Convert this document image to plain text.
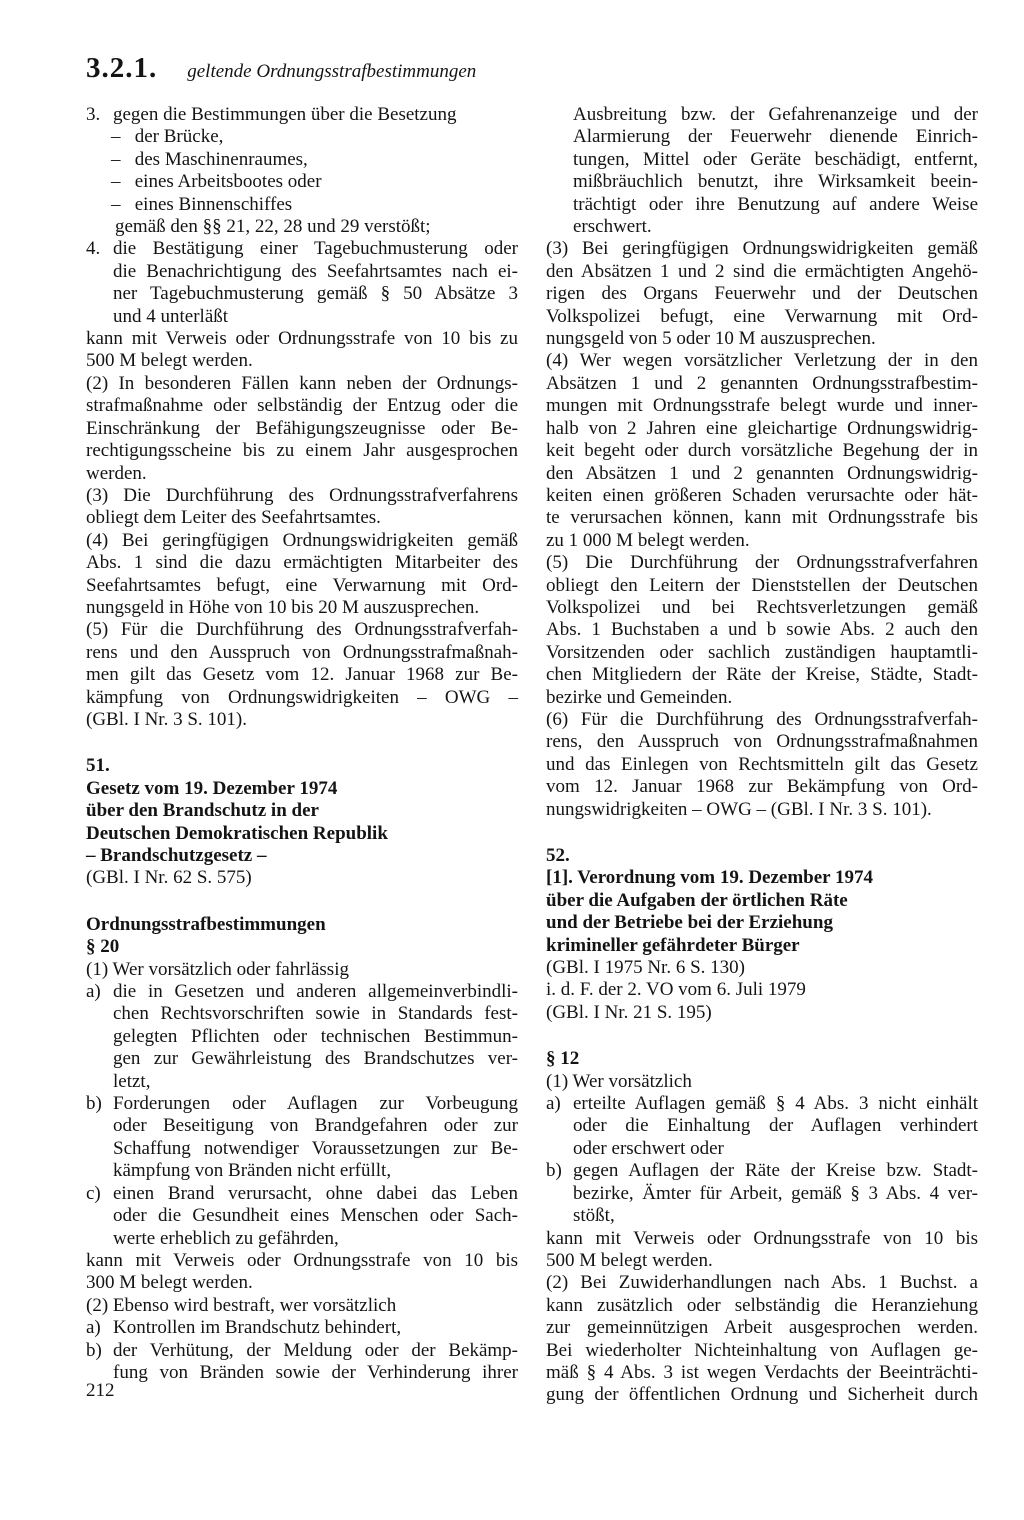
3.2.1. geltende Ordnungsstrafbestimmungen
3. gegen die Bestimmungen über die Besetzung
– der Brücke,
– des Maschinenraumes,
– eines Arbeitsbootes oder
– eines Binnenschiffes
gemäß den §§ 21, 22, 28 und 29 verstößt;
4. die Bestätigung einer Tagebuchmusterung oder
die Benachrichtigung des Seefahrtsamtes nach ei-
ner Tagebuchmusterung gemäß § 50 Absätze 3
und 4 unterläßt
kann mit Verweis oder Ordnungsstrafe von 10 bis zu
500 M belegt werden.
(2) In besonderen Fällen kann neben der Ordnungs-
strafmaßnahme oder selbständig der Entzug oder die
Einschränkung der Befähigungszeugnisse oder Be-
rechtigungsscheine bis zu einem Jahr ausgesprochen
werden.
(3) Die Durchführung des Ordnungsstrafverfahrens
obliegt dem Leiter des Seefahrtsamtes.
(4) Bei geringfügigen Ordnungswidrigkeiten gemäß
Abs. 1 sind die dazu ermächtigten Mitarbeiter des
Seefahrtsamtes befugt, eine Verwarnung mit Ord-
nungsgeld in Höhe von 10 bis 20 M auszusprechen.
(5) Für die Durchführung des Ordnungsstrafverfah-
rens und den Ausspruch von Ordnungsstrafmaßnah-
men gilt das Gesetz vom 12. Januar 1968 zur Be-
kämpfung von Ordnungswidrigkeiten – OWG –
(GBl. I Nr. 3 S. 101).
51.
Gesetz vom 19. Dezember 1974
über den Brandschutz in der
Deutschen Demokratischen Republik
– Brandschutzgesetz –
(GBl. I Nr. 62 S. 575)
Ordnungsstrafbestimmungen
§ 20
(1) Wer vorsätzlich oder fahrlässig
a) die in Gesetzen und anderen allgemeinverbindli-
chen Rechtsvorschriften sowie in Standards fest-
gelegten Pflichten oder technischen Bestimmun-
gen zur Gewährleistung des Brandschutzes ver-
letzt,
b) Forderungen oder Auflagen zur Vorbeugung
oder Beseitigung von Brandgefahren oder zur
Schaffung notwendiger Voraussetzungen zur Be-
kämpfung von Bränden nicht erfüllt,
c) einen Brand verursacht, ohne dabei das Leben
oder die Gesundheit eines Menschen oder Sach-
werte erheblich zu gefährden,
kann mit Verweis oder Ordnungsstrafe von 10 bis
300 M belegt werden.
(2) Ebenso wird bestraft, wer vorsätzlich
a) Kontrollen im Brandschutz behindert,
b) der Verhütung, der Meldung oder der Bekämp-
fung von Bränden sowie der Verhinderung ihrer
Ausbreitung bzw. der Gefahrenanzeige und der
Alarmierung der Feuerwehr dienende Einrich-
tungen, Mittel oder Geräte beschädigt, entfernt,
mißbräuchlich benutzt, ihre Wirksamkeit beein-
trächtigt oder ihre Benutzung auf andere Weise
erschwert.
(3) Bei geringfügigen Ordnungswidrigkeiten gemäß
den Absätzen 1 und 2 sind die ermächtigten Angehö-
rigen des Organs Feuerwehr und der Deutschen
Volkspolizei befugt, eine Verwarnung mit Ord-
nungsgeld von 5 oder 10 M auszusprechen.
(4) Wer wegen vorsätzlicher Verletzung der in den
Absätzen 1 und 2 genannten Ordnungsstrafbestim-
mungen mit Ordnungsstrafe belegt wurde und inner-
halb von 2 Jahren eine gleichartige Ordnungswidrig-
keit begeht oder durch vorsätzliche Begehung der in
den Absätzen 1 und 2 genannten Ordnungswidrig-
keiten einen größeren Schaden verursachte oder hät-
te verursachen können, kann mit Ordnungsstrafe bis
zu 1 000 M belegt werden.
(5) Die Durchführung der Ordnungsstrafverfahren
obliegt den Leitern der Dienststellen der Deutschen
Volkspolizei und bei Rechtsverletzungen gemäß
Abs. 1 Buchstaben a und b sowie Abs. 2 auch den
Vorsitzenden oder sachlich zuständigen hauptamtli-
chen Mitgliedern der Räte der Kreise, Städte, Stadt-
bezirke und Gemeinden.
(6) Für die Durchführung des Ordnungsstrafverfah-
rens, den Ausspruch von Ordnungsstrafmaßnahmen
und das Einlegen von Rechtsmitteln gilt das Gesetz
vom 12. Januar 1968 zur Bekämpfung von Ord-
nungswidrigkeiten – OWG – (GBl. I Nr. 3 S. 101).
52.
[1]. Verordnung vom 19. Dezember 1974
über die Aufgaben der örtlichen Räte
und der Betriebe bei der Erziehung
krimineller gefährdeter Bürger
(GBl. I 1975 Nr. 6 S. 130)
i. d. F. der 2. VO vom 6. Juli 1979
(GBl. I Nr. 21 S. 195)
§ 12
(1) Wer vorsätzlich
a) erteilte Auflagen gemäß § 4 Abs. 3 nicht einhält
oder die Einhaltung der Auflagen verhindert
oder erschwert oder
b) gegen Auflagen der Räte der Kreise bzw. Stadt-
bezirke, Ämter für Arbeit, gemäß § 3 Abs. 4 ver-
stößt,
kann mit Verweis oder Ordnungsstrafe von 10 bis
500 M belegt werden.
(2) Bei Zuwiderhandlungen nach Abs. 1 Buchst. a
kann zusätzlich oder selbständig die Heranziehung
zur gemeinnützigen Arbeit ausgesprochen werden.
Bei wiederholter Nichteinhaltung von Auflagen ge-
mäß § 4 Abs. 3 ist wegen Verdachts der Beeinträchti-
gung der öffentlichen Ordnung und Sicherheit durch
212
